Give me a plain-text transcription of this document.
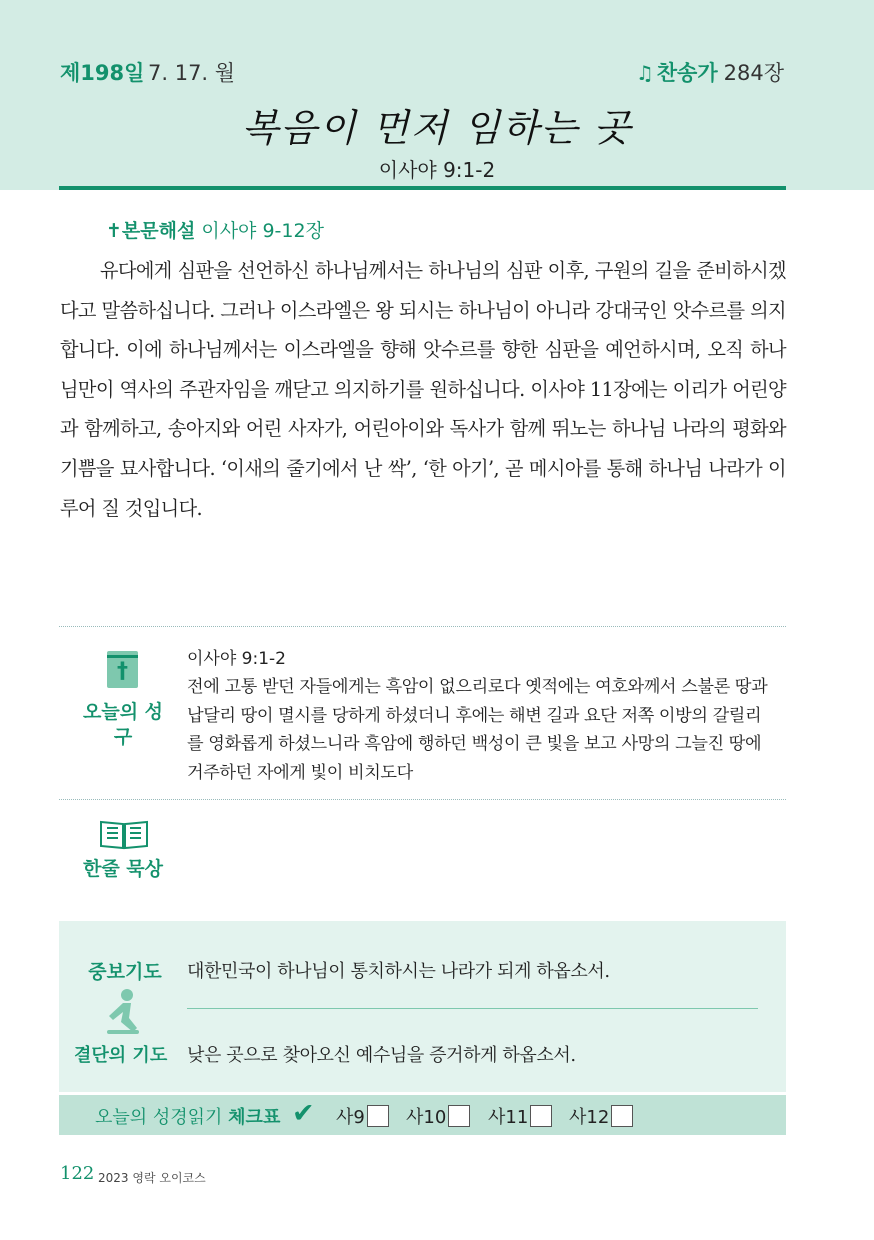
제198일 7. 17. 월	♫ 찬송가 284장
복음이 먼저 임하는 곳
이사야 9:1-2
✝본문해설 이사야 9-12장
유다에게 심판을 선언하신 하나님께서는 하나님의 심판 이후, 구원의 길을 준비하시겠다고 말씀하십니다. 그러나 이스라엘은 왕 되시는 하나님이 아니라 강대국인 앗수르를 의지합니다. 이에 하나님께서는 이스라엘을 향해 앗수르를 향한 심판을 예언하시며, 오직 하나님만이 역사의 주관자임을 깨닫고 의지하기를 원하십니다. 이사야 11장에는 이리가 어린양과 함께하고, 송아지와 어린 사자가, 어린아이와 독사가 함께 뛰노는 하나님 나라의 평화와 기쁨을 묘사합니다. ‘이새의 줄기에서 난 싹’, ‘한 아기’, 곧 메시아를 통해 하나님 나라가 이루어 질 것입니다.
†
오늘의 성구
이사야 9:1-2
전에 고통 받던 자들에게는 흑암이 없으리로다 옛적에는 여호와께서 스불론 땅과 납달리 땅이 멸시를 당하게 하셨더니 후에는 해변 길과 요단 저쪽 이방의 갈릴리를 영화롭게 하셨느니라 흑암에 행하던 백성이 큰 빛을 보고 사망의 그늘진 땅에 거주하던 자에게 빛이 비치도다
한줄 묵상
중보기도	대한민국이 하나님이 통치하시는 나라가 되게 하옵소서.
결단의 기도 낮은 곳으로 찾아오신 예수님을 증거하게 하옵소서.
오늘의 성경읽기 체크표 ✔ 사9	사10	사11	사12
122 2023 영락 오이코스
